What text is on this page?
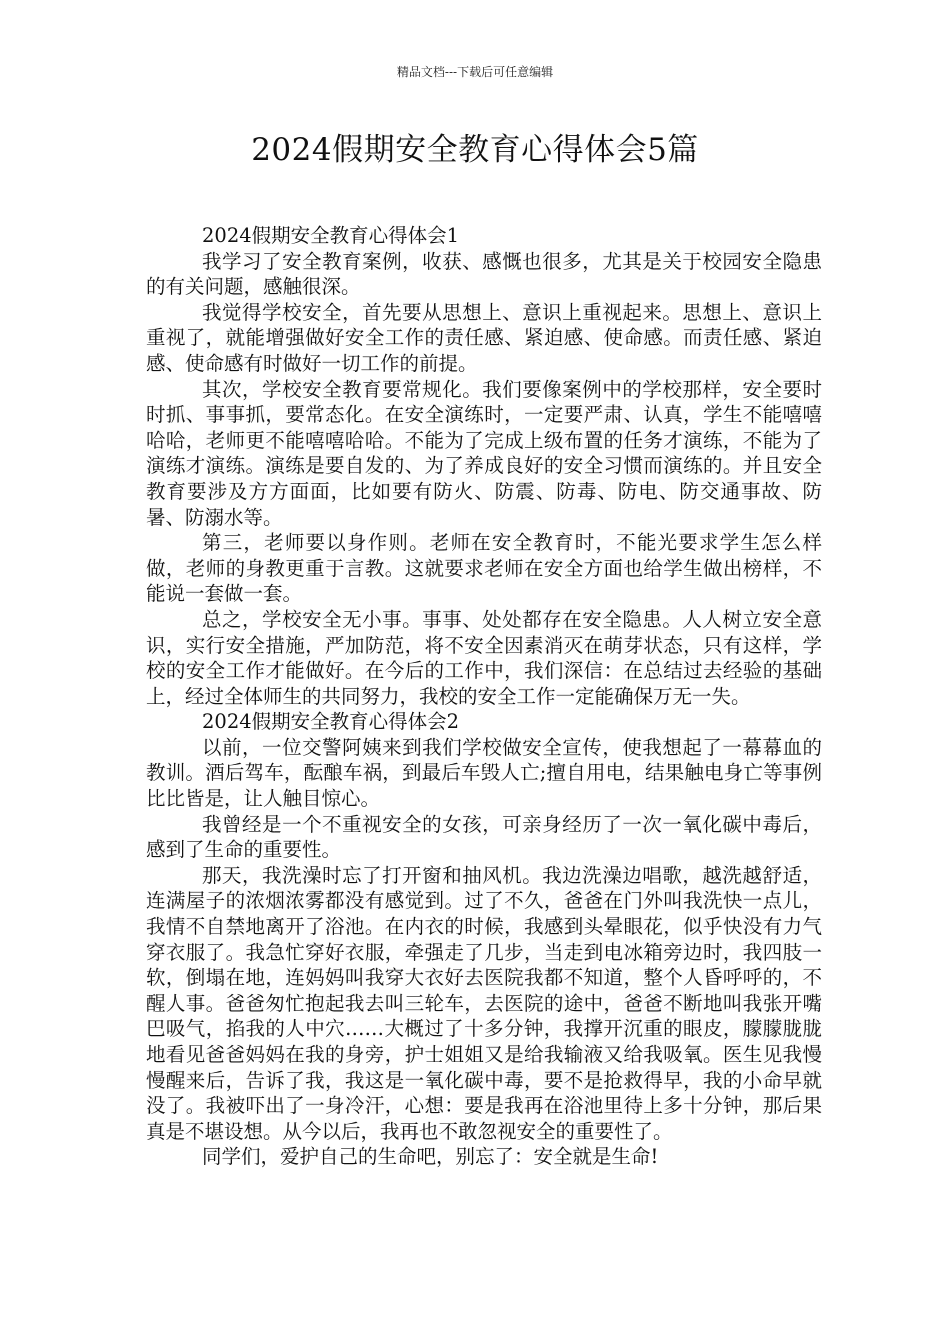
精品文档---下载后可任意编辑
2024假期安全教育心得体会5篇

2024假期安全教育心得体会1

我学习了安全教育案例，收获、感慨也很多，尤其是关于校园安全隐患的有关问题，感触很深。

我觉得学校安全，首先要从思想上、意识上重视起来。思想上、意识上重视了，就能增强做好安全工作的责任感、紧迫感、使命感。而责任感、紧迫感、使命感有时做好一切工作的前提。

其次，学校安全教育要常规化。我们要像案例中的学校那样，安全要时时抓、事事抓，要常态化。在安全演练时，一定要严肃、认真，学生不能嘻嘻哈哈，老师更不能嘻嘻哈哈。不能为了完成上级布置的任务才演练，不能为了演练才演练。演练是要自发的、为了养成良好的安全习惯而演练的。并且安全教育要涉及方方面面，比如要有防火、防震、防毒、防电、防交通事故、防暑、防溺水等。

第三，老师要以身作则。老师在安全教育时，不能光要求学生怎么样做，老师的身教更重于言教。这就要求老师在安全方面也给学生做出榜样，不能说一套做一套。

总之，学校安全无小事。事事、处处都存在安全隐患。人人树立安全意识，实行安全措施，严加防范，将不安全因素消灭在萌芽状态，只有这样，学校的安全工作才能做好。在今后的工作中，我们深信：在总结过去经验的基础上，经过全体师生的共同努力，我校的安全工作一定能确保万无一失。

2024假期安全教育心得体会2

以前，一位交警阿姨来到我们学校做安全宣传，使我想起了一幕幕血的教训。酒后驾车，酝酿车祸，到最后车毁人亡;擅自用电，结果触电身亡等事例比比皆是，让人触目惊心。

我曾经是一个不重视安全的女孩，可亲身经历了一次一氧化碳中毒后，感到了生命的重要性。

那天，我洗澡时忘了打开窗和抽风机。我边洗澡边唱歌，越洗越舒适，连满屋子的浓烟浓雾都没有感觉到。过了不久，爸爸在门外叫我洗快一点儿，我情不自禁地离开了浴池。在内衣的时候，我感到头晕眼花，似乎快没有力气穿衣服了。我急忙穿好衣服，牵强走了几步，当走到电冰箱旁边时，我四肢一软，倒塌在地，连妈妈叫我穿大衣好去医院我都不知道，整个人昏呼呼的，不醒人事。爸爸匆忙抱起我去叫三轮车，去医院的途中，爸爸不断地叫我张开嘴巴吸气，掐我的人中穴……大概过了十多分钟，我撑开沉重的眼皮，朦朦胧胧地看见爸爸妈妈在我的身旁，护士姐姐又是给我输液又给我吸氧。医生见我慢慢醒来后，告诉了我，我这是一氧化碳中毒，要不是抢救得早，我的小命早就没了。我被吓出了一身冷汗，心想：要是我再在浴池里待上多十分钟，那后果真是不堪设想。从今以后，我再也不敢忽视安全的重要性了。

同学们，爱护自己的生命吧，别忘了：安全就是生命!
